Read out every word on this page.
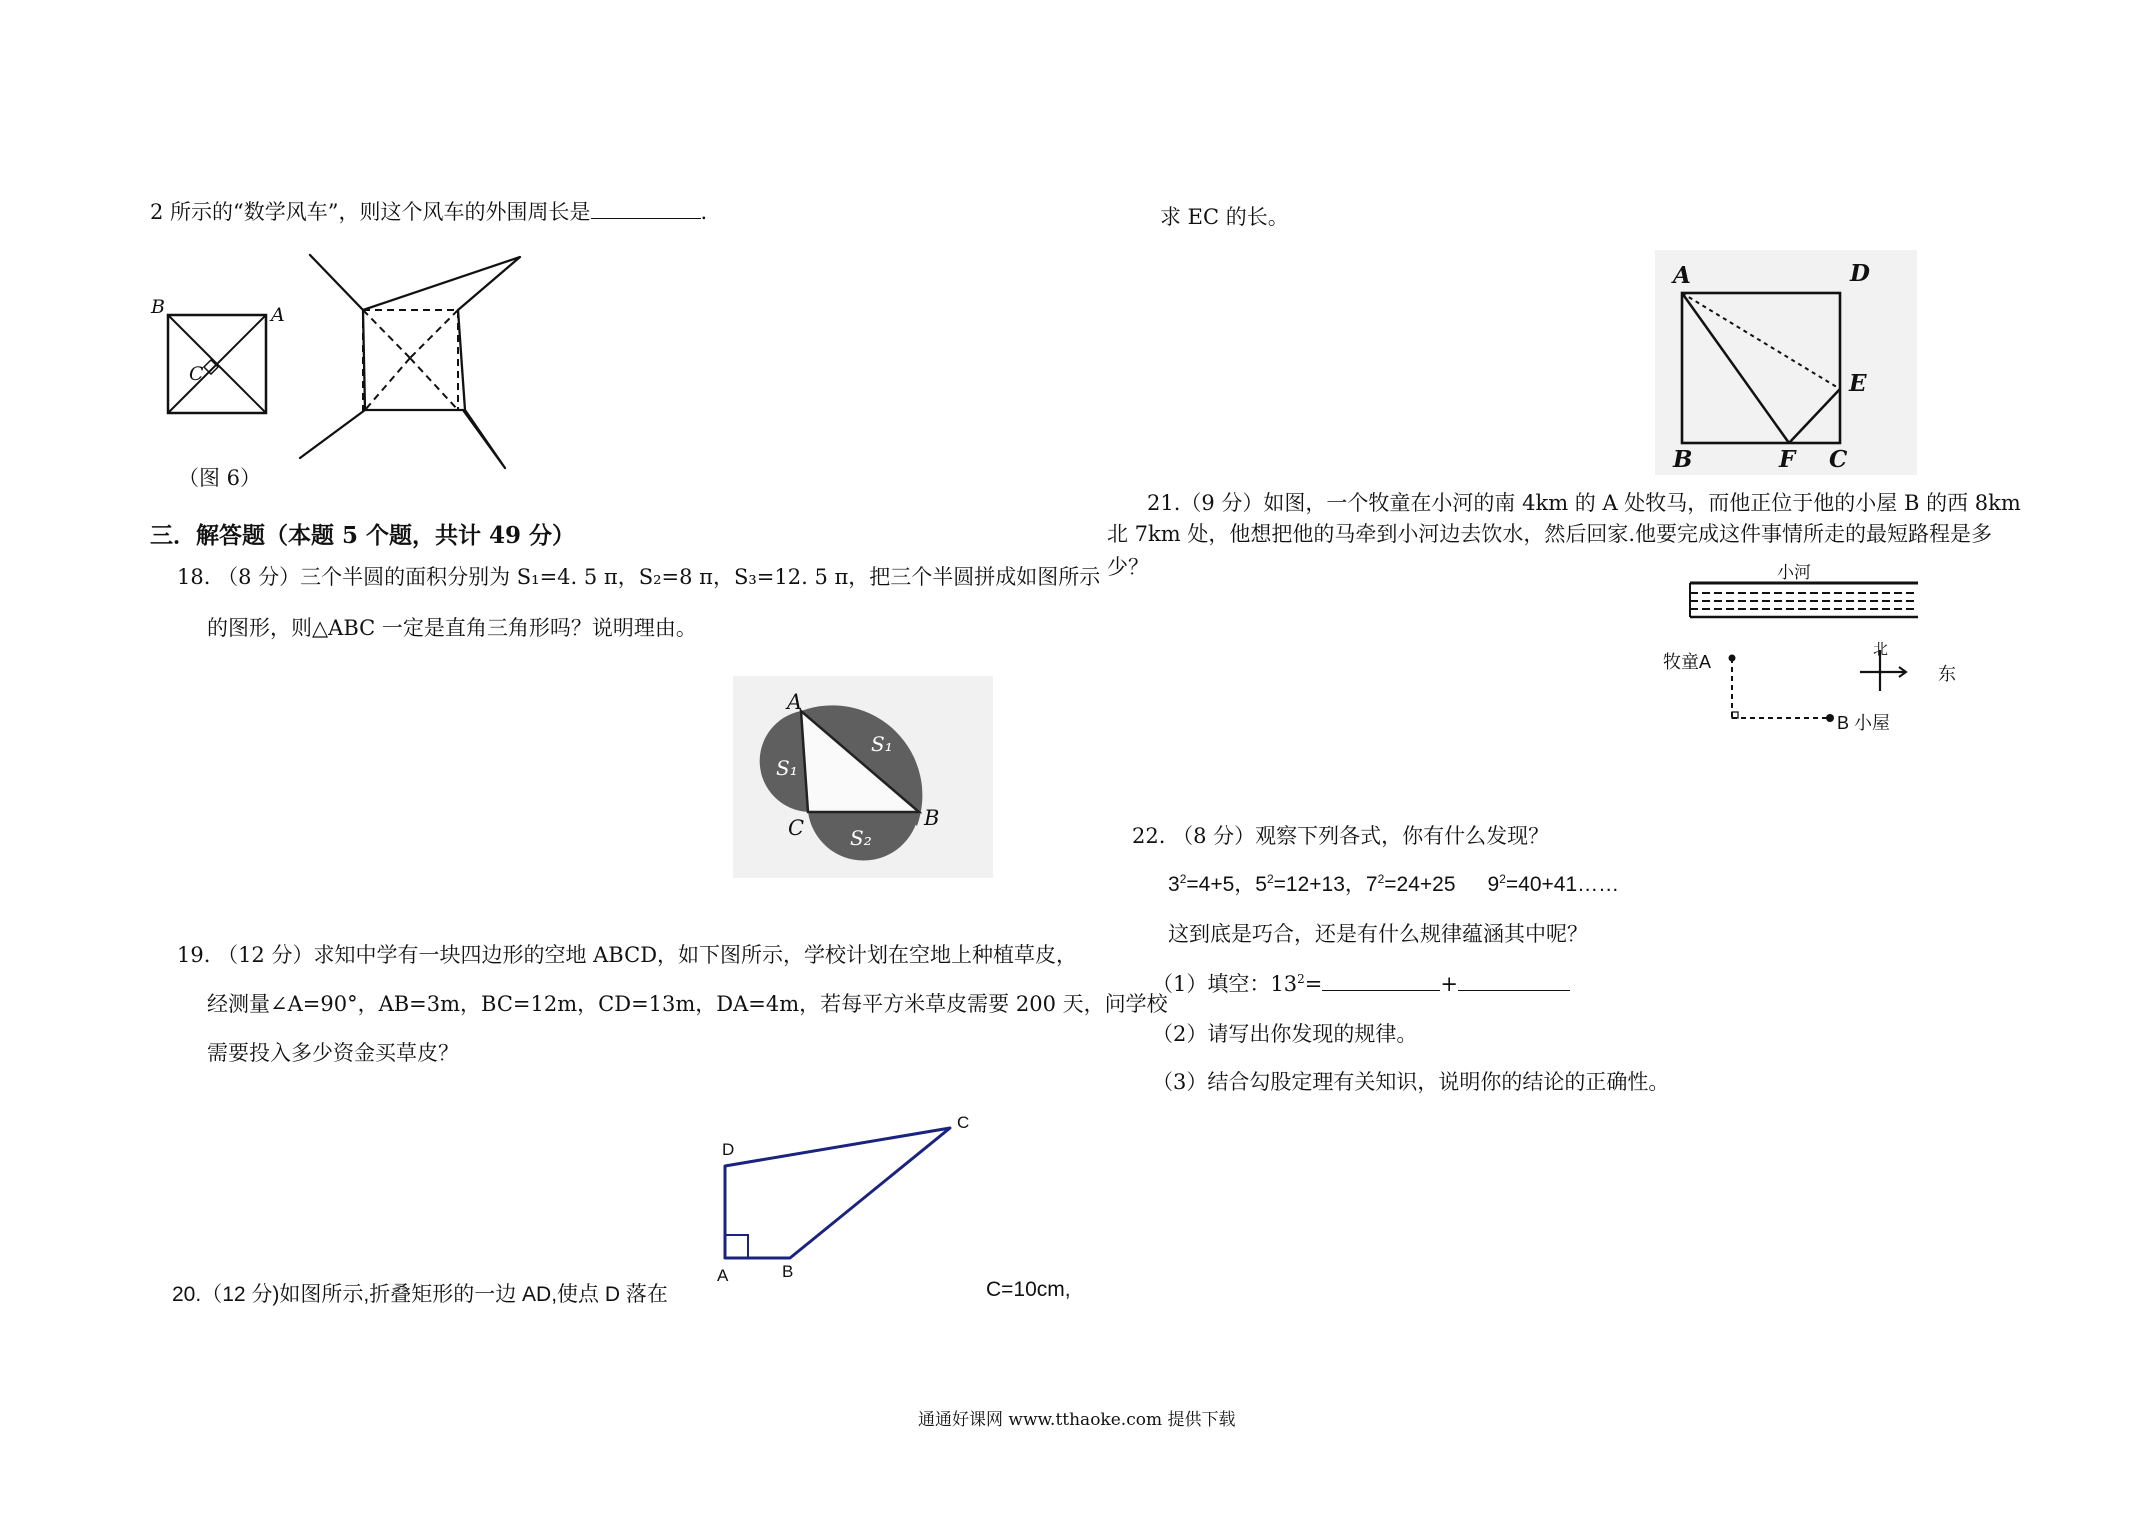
2 所示的“数学风车”，则这个风车的外围周长是	.
B	A
C
（图 6）
三．解答题（本题 5 个题，共计 49 分）
18. （8 分）三个半圆的面积分别为 S₁=4. 5 π，S₂=8 π，S₃=12. 5 π，把三个半圆拼成如图所示
的图形，则△ABC 一定是直角三角形吗？说明理由。
A
B
C
S₁
S₁
S₂
19. （12 分）求知中学有一块四边形的空地 ABCD，如下图所示，学校计划在空地上种植草皮，
经测量∠A=90°，AB=3m，BC=12m，CD=13m，DA=4m，若每平方米草皮需要 200 天，问学校
需要投入多少资金买草皮？
D
C
A	B
20.（12 分)如图所示,折叠矩形的一边 AD,使点 D 落在	C=10cm,
求 EC 的长。
A	D
E
B	F C
21.（9 分）如图，一个牧童在小河的南 4km 的 A 处牧马，而他正位于他的小屋 B 的西 8km
北 7km 处，他想把他的马牵到小河边去饮水，然后回家.他要完成这件事情所走的最短路程是多
少？
北
小河
牧童A
B 小屋
东
22. （8 分）观察下列各式，你有什么发现？
$3^2=4+5$，$5^2=12+13$，$7^2=24+25$ $9^2=40+41\dots\dots$
这到底是巧合，还是有什么规律蕴涵其中呢？
（1）填空：$13^2=$	+
（2）请写出你发现的规律。
（3）结合勾股定理有关知识，说明你的结论的正确性。
通通好课网 www.tthaoke.com 提供下载
